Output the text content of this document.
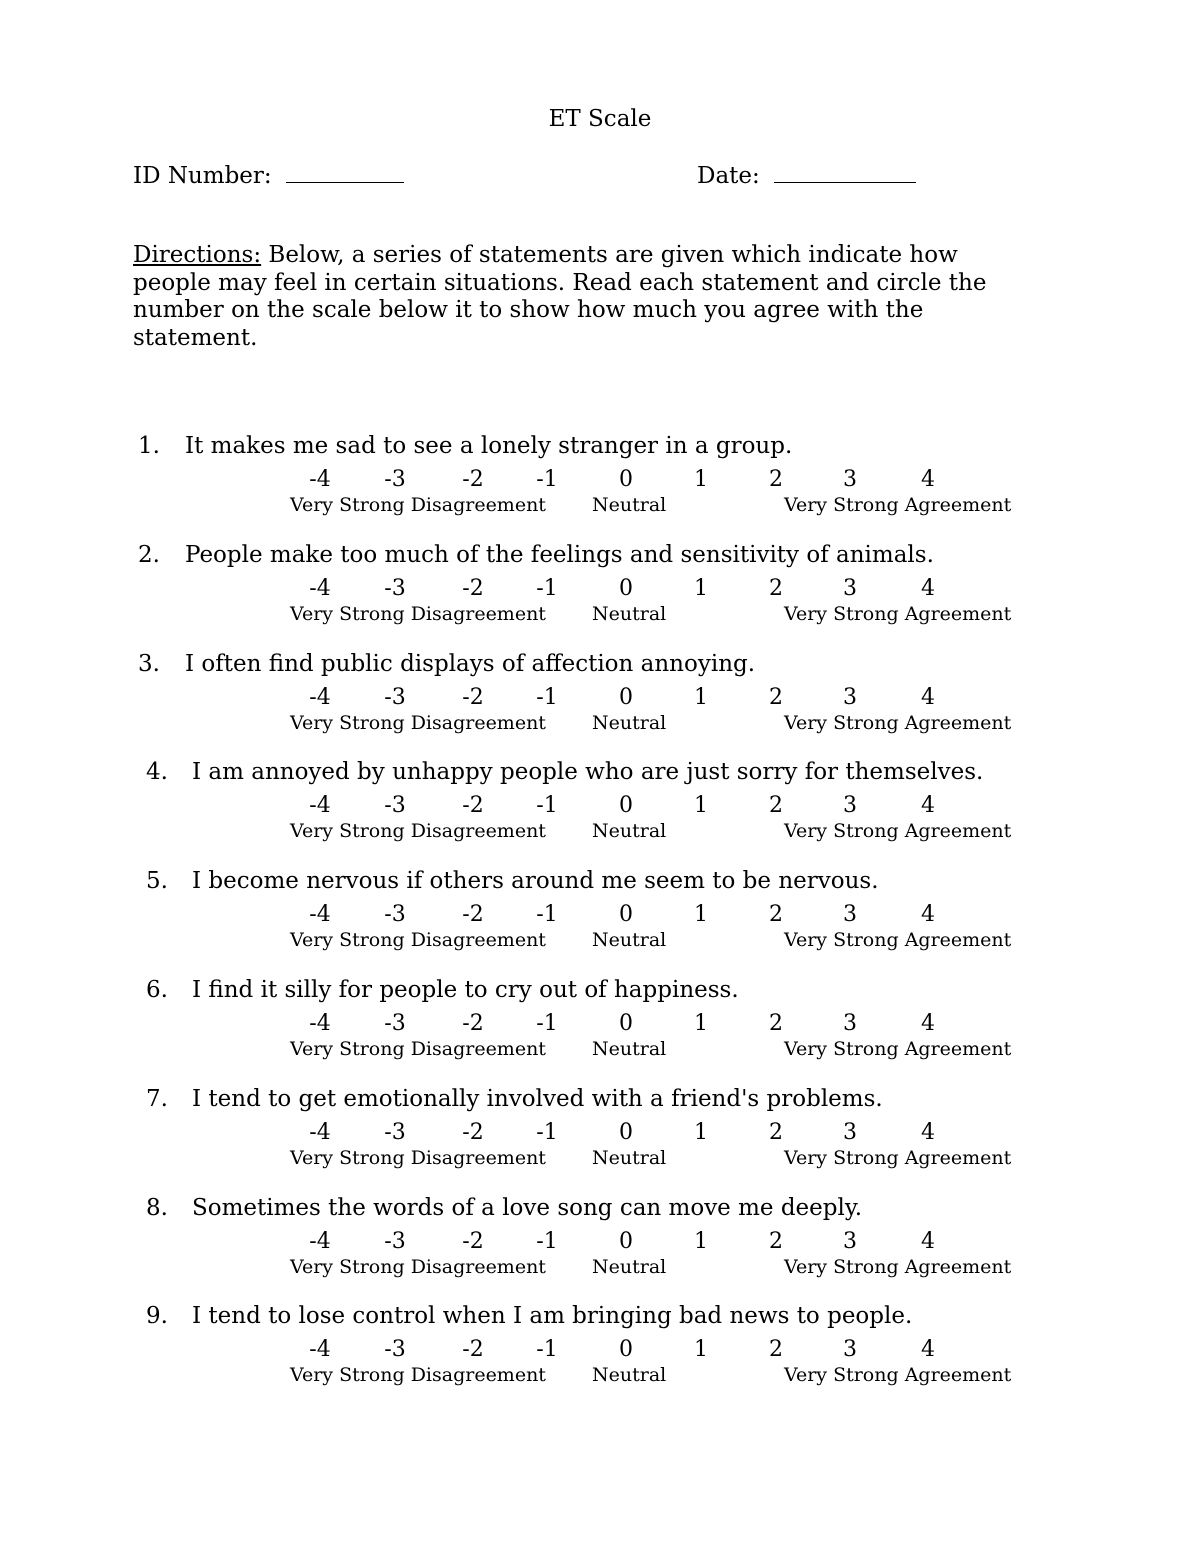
ET Scale
ID Number:	Date:
Directions: Below, a series of statements are given which indicate how people may feel in certain situations. Read each statement and circle the number on the scale below it to show how much you agree with the statement.
1. It makes me sad to see a lonely stranger in a group.
-4	-3	-2	-1	0	1	2	3	4
Very Strong Disagreement Neutral	Very Strong Agreement
2. People make too much of the feelings and sensitivity of animals.
-4	-3	-2	-1	0	1	2	3	4
Very Strong Disagreement Neutral	Very Strong Agreement
3. I often find public displays of affection annoying.
-4	-3	-2	-1	0	1	2	3	4
Very Strong Disagreement Neutral	Very Strong Agreement
4. I am annoyed by unhappy people who are just sorry for themselves.
-4	-3	-2	-1	0	1	2	3	4
Very Strong Disagreement Neutral	Very Strong Agreement
5. I become nervous if others around me seem to be nervous.
-4	-3	-2	-1	0	1	2	3	4
Very Strong Disagreement Neutral	Very Strong Agreement
6. I find it silly for people to cry out of happiness.
-4	-3	-2	-1	0	1	2	3	4
Very Strong Disagreement Neutral	Very Strong Agreement
7. I tend to get emotionally involved with a friend's problems.
-4	-3	-2	-1	0	1	2	3	4
Very Strong Disagreement Neutral	Very Strong Agreement
8. Sometimes the words of a love song can move me deeply.
-4	-3	-2	-1	0	1	2	3	4
Very Strong Disagreement Neutral	Very Strong Agreement
9. I tend to lose control when I am bringing bad news to people.
-4	-3	-2	-1	0	1	2	3	4
Very Strong Disagreement Neutral	Very Strong Agreement
